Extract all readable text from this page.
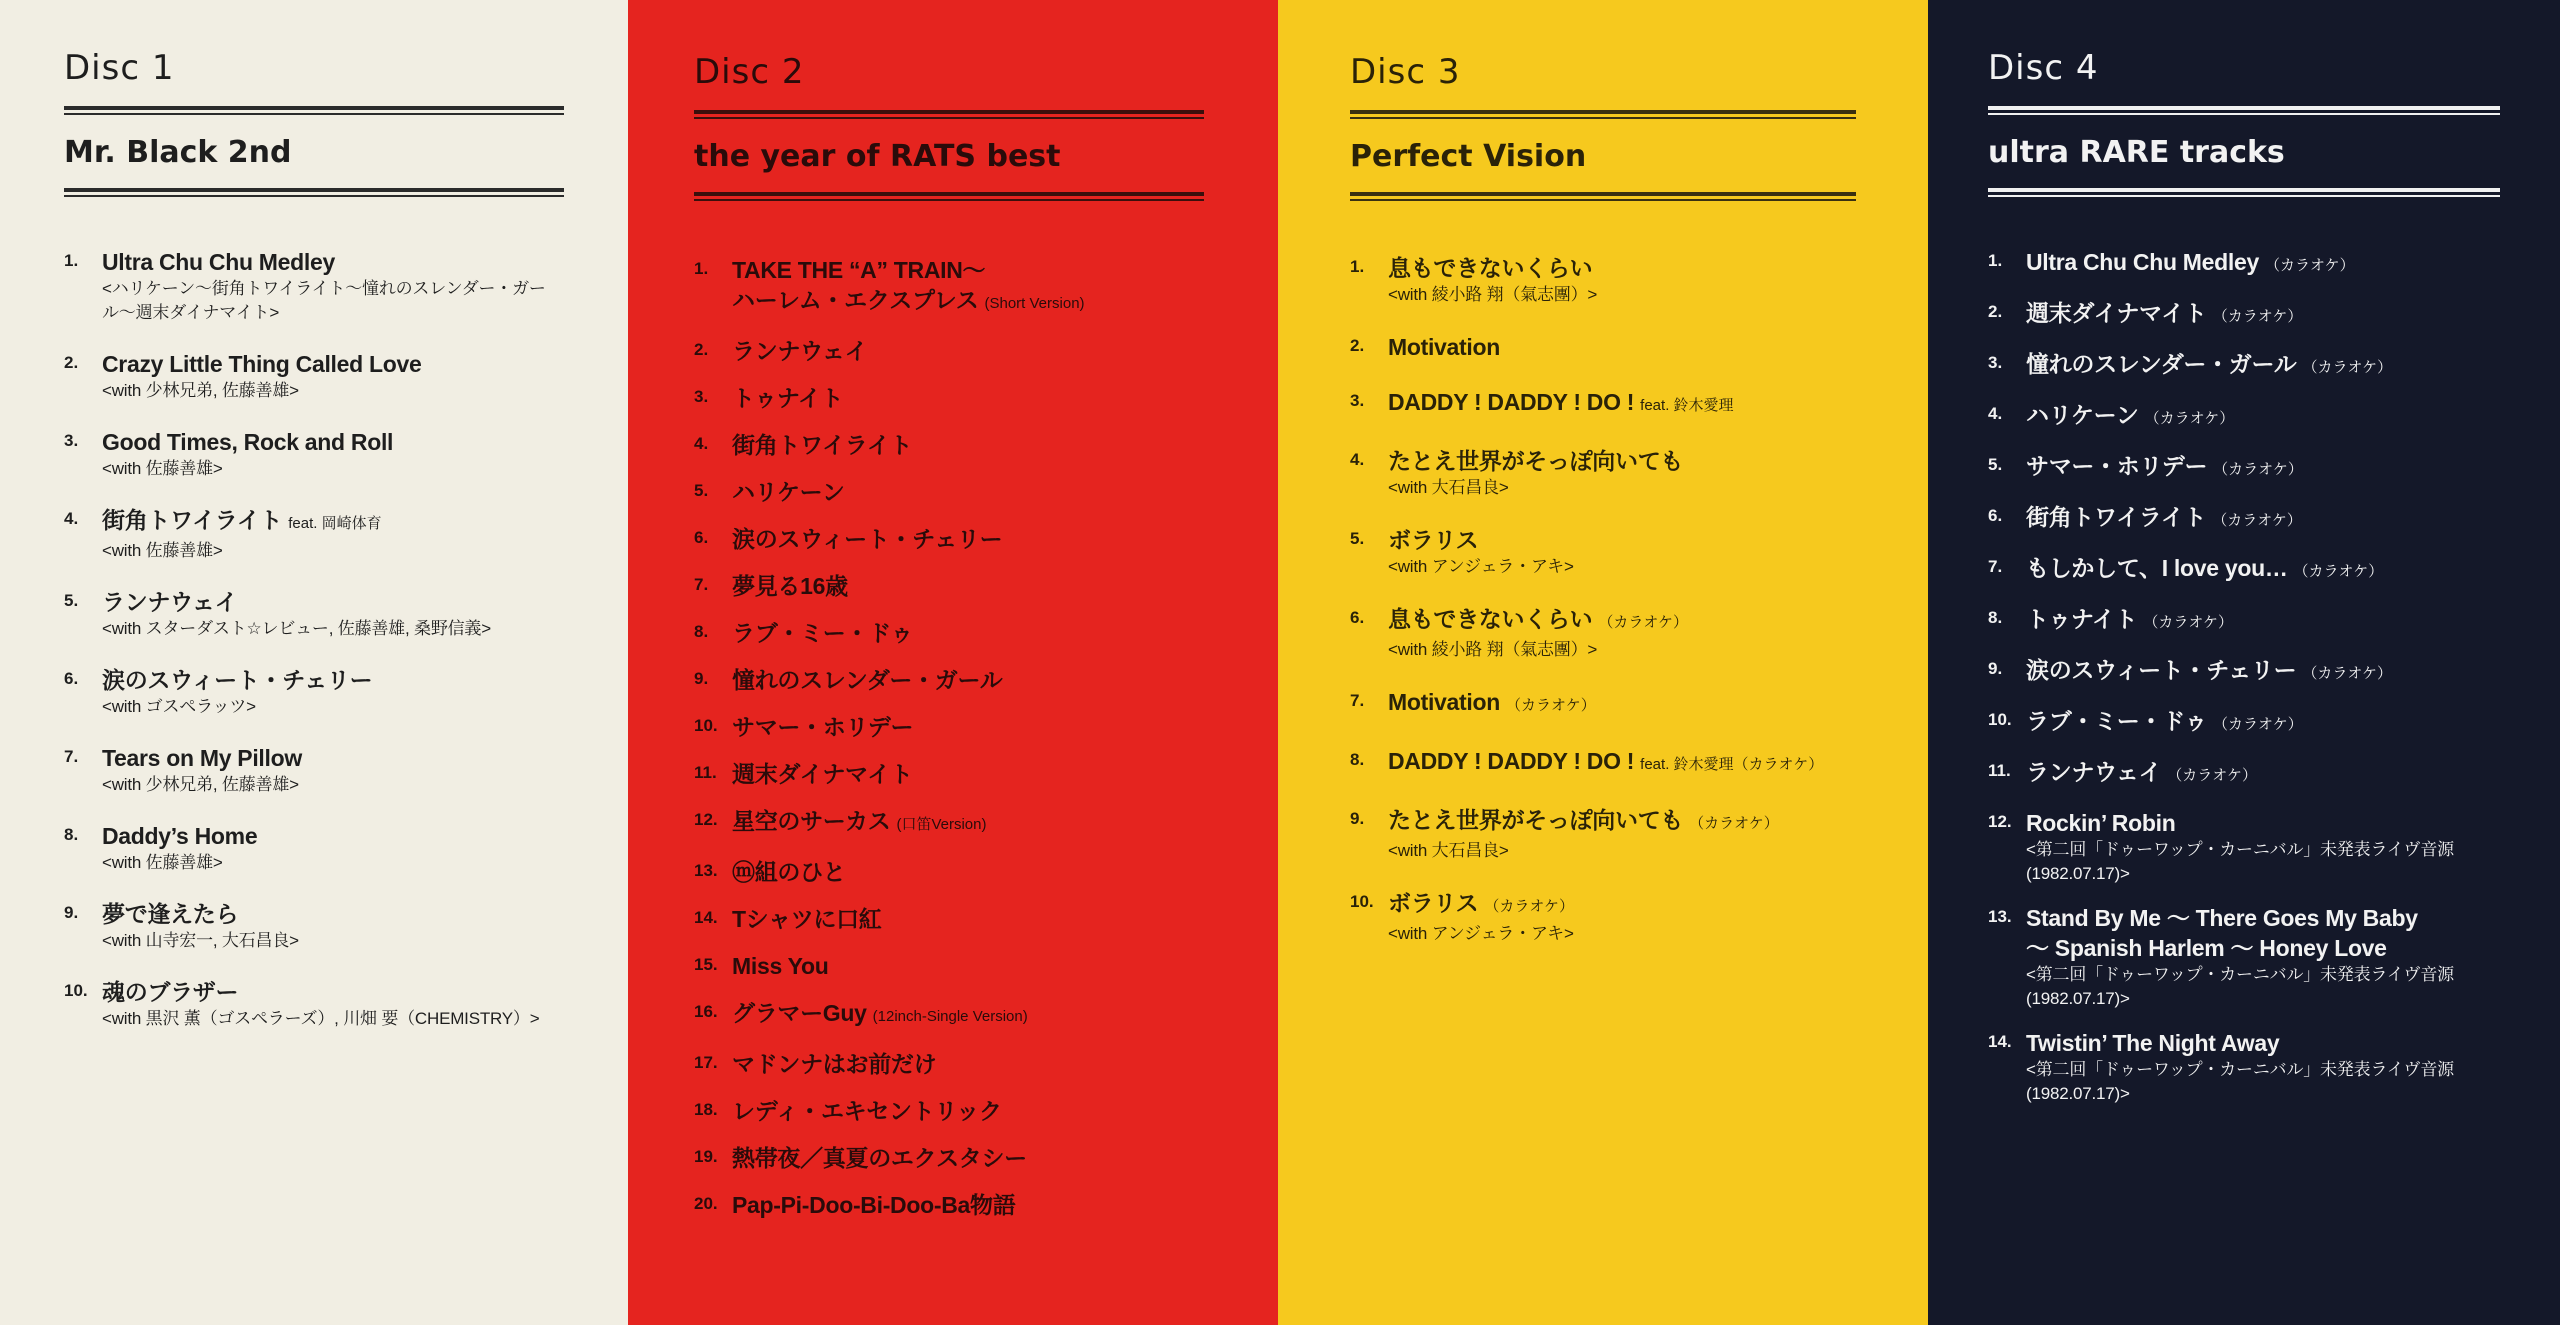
Disc 1
Mr. Black 2nd
1.	Ultra Chu Chu Medley
<ハリケーン〜街角トワイライト〜憧れのスレンダー・ガール〜週末ダイナマイト>
2.	Crazy Little Thing Called Love
<with 少林兄弟, 佐藤善雄>
3.	Good Times, Rock and Roll
<with 佐藤善雄>
4.	街角トワイライト feat. 岡崎体育
<with 佐藤善雄>
5.	ランナウェイ
<with スターダスト☆レビュー, 佐藤善雄, 桑野信義>
6.	涙のスウィート・チェリー
<with ゴスペラッツ>
7.	Tears on My Pillow
<with 少林兄弟, 佐藤善雄>
8.	Daddy’s Home
<with 佐藤善雄>
9.	夢で逢えたら
<with 山寺宏一, 大石昌良>
10. 魂のブラザー
<with 黒沢 薫（ゴスペラーズ）, 川畑 要（CHEMISTRY）>
Disc 2
the year of RATS best
1.	TAKE THE “A” TRAIN〜
ハーレム・エクスプレス (Short Version)
2.	ランナウェイ
3.	トゥナイト
4.	街角トワイライト
5.	ハリケーン
6.	涙のスウィート・チェリー
7.	夢見る16歳
8.	ラブ・ミー・ドゥ
9.	憧れのスレンダー・ガール
10. サマー・ホリデー
11. 週末ダイナマイト
12. 星空のサーカス (口笛Version)
13. ⓜ組のひと
14. Tシャツに口紅
15. Miss You
16. グラマーGuy (12inch-Single Version)
17. マドンナはお前だけ
18. レディ・エキセントリック
19. 熱帯夜／真夏のエクスタシー
20. Pap-Pi-Doo-Bi-Doo-Ba物語
Disc 3
Perfect Vision
1.	息もできないくらい
<with 綾小路 翔（氣志團）>
2.	Motivation
3.	DADDY ! DADDY ! DO ! feat. 鈴木愛理
4.	たとえ世界がそっぽ向いても
<with 大石昌良>
5.	ボラリス
<with アンジェラ・アキ>
6.	息もできないくらい （カラオケ）
<with 綾小路 翔（氣志團）>
7.	Motivation （カラオケ）
8.	DADDY ! DADDY ! DO ! feat. 鈴木愛理（カラオケ）
9.	たとえ世界がそっぽ向いても （カラオケ）
<with 大石昌良>
10. ボラリス （カラオケ）
<with アンジェラ・アキ>
Disc 4
ultra RARE tracks
1.	Ultra Chu Chu Medley （カラオケ）
2.	週末ダイナマイト （カラオケ）
3.	憧れのスレンダー・ガール （カラオケ）
4.	ハリケーン （カラオケ）
5.	サマー・ホリデー （カラオケ）
6.	街角トワイライト （カラオケ）
7.	もしかして、I love you… （カラオケ）
8.	トゥナイト （カラオケ）
9.	涙のスウィート・チェリー （カラオケ）
10. ラブ・ミー・ドゥ （カラオケ）
11. ランナウェイ （カラオケ）
12. Rockin’ Robin
<第二回「ドゥーワップ・カーニバル」未発表ライヴ音源(1982.07.17)>
13. Stand By Me 〜 There Goes My Baby
〜 Spanish Harlem 〜 Honey Love
<第二回「ドゥーワップ・カーニバル」未発表ライヴ音源(1982.07.17)>
14. Twistin’ The Night Away
<第二回「ドゥーワップ・カーニバル」未発表ライヴ音源(1982.07.17)>
